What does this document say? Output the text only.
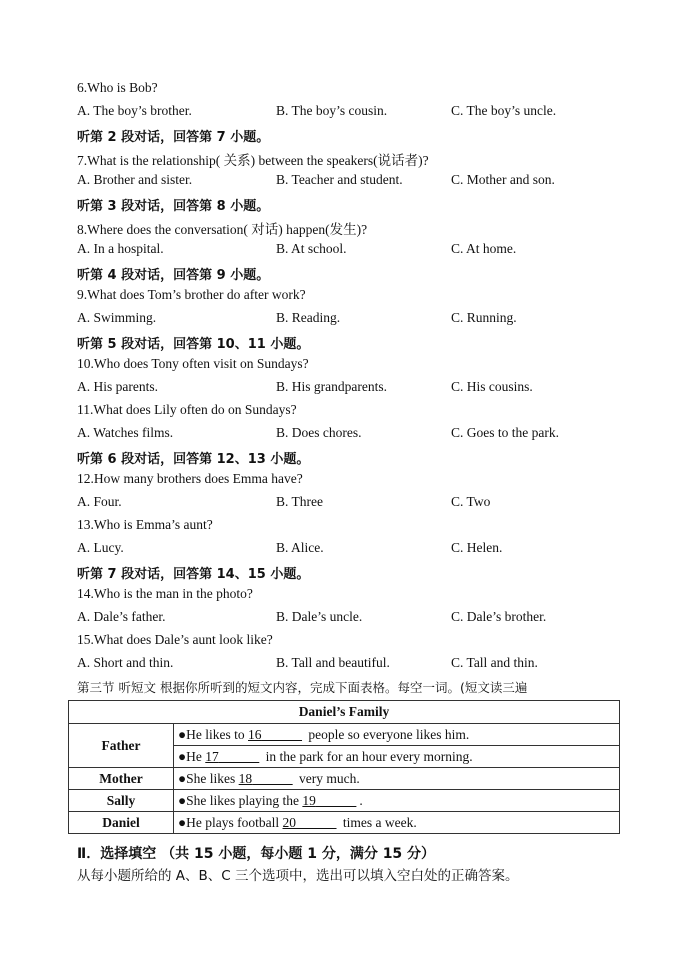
6.Who is Bob?
A. The boy’s brother.	B. The boy’s cousin.	C. The boy’s uncle.
听第 2 段对话，回答第 7 小题。
7.What is the relationship( 关系) between the speakers(说话者)?
A. Brother and sister.	B. Teacher and student.	C. Mother and son.
听第 3 段对话，回答第 8 小题。
8.Where does the conversation( 对话) happen(发生)?
A. In a hospital.	B. At school.	C. At home.
听第 4 段对话，回答第 9 小题。
9.What does Tom’s brother do after work?
A. Swimming.	B. Reading.	C. Running.
听第 5 段对话，回答第 10、11 小题。
10.Who does Tony often visit on Sundays?
A. His parents.	B. His grandparents.	C. His cousins.
11.What does Lily often do on Sundays?
A. Watches films.	B. Does chores.	C. Goes to the park.
听第 6 段对话，回答第 12、13 小题。
12.How many brothers does Emma have?
A. Four.	B. Three	C. Two
13.Who is Emma’s aunt?
A. Lucy.	B. Alice.	C. Helen.
听第 7 段对话，回答第 14、15 小题。
14.Who is the man in the photo?
A. Dale’s father.	B. Dale’s uncle.	C. Dale’s brother.
15.What does Dale’s aunt look like?
A. Short and thin.	B. Tall and beautiful.	C. Tall and thin.
第三节 听短文 根据你所听到的短文内容，完成下面表格。每空一词。(短文读三遍
Daniel’s Family	
Father	●He likes to 16 people so everyone likes him.
	●He 17 in the park for an hour every morning.
Mother	●She likes 18 very much.
Sally	●She likes playing the 19 .
Daniel	●He plays football 20 times a week.
Ⅱ．选择填空 （共 15 小题，每小题 1 分，满分 15 分）
从每小题所给的 A、B、C 三个选项中，选出可以填入空白处的正确答案。
